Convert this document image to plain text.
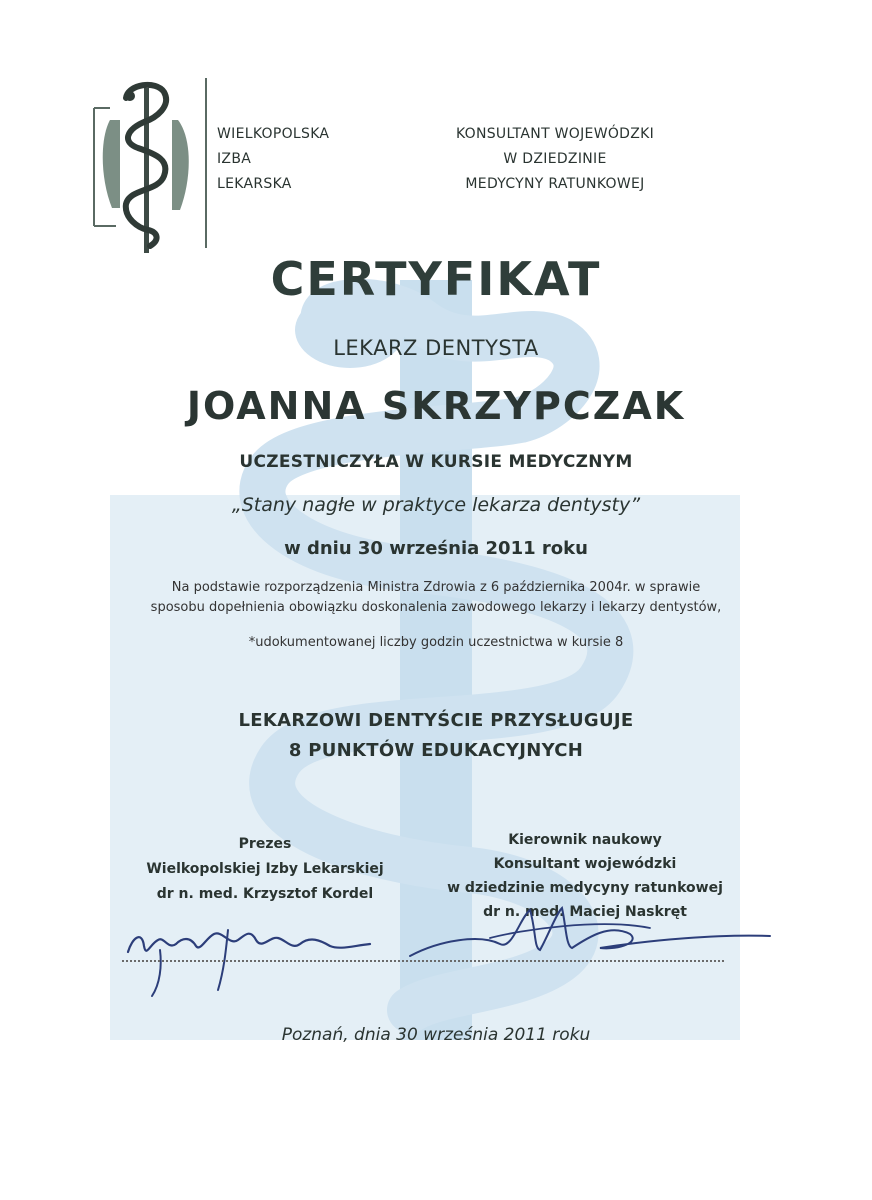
WIELKOPOLSKA
IZBA
LEKARSKA
KONSULTANT WOJEWÓDZKI
W DZIEDZINIE
MEDYCYNY RATUNKOWEJ
CERTYFIKAT
LEKARZ DENTYSTA
JOANNA SKRZYPCZAK
UCZESTNICZYŁA W KURSIE MEDYCZNYM
„Stany nagłe w praktyce lekarza dentysty”
w dniu 30 września 2011 roku
Na podstawie rozporządzenia Ministra Zdrowia z 6 października 2004r. w sprawie
sposobu dopełnienia obowiązku doskonalenia zawodowego lekarzy i lekarzy dentystów,
*udokumentowanej liczby godzin uczestnictwa w kursie 8
LEKARZOWI DENTYŚCIE PRZYSŁUGUJE
8 PUNKTÓW EDUKACYJNYCH
Prezes
Wielkopolskiej Izby Lekarskiej
dr n. med. Krzysztof Kordel
Kierownik naukowy
Konsultant wojewódzki
w dziedzinie medycyny ratunkowej
dr n. med. Maciej Naskręt
Poznań, dnia 30 września 2011 roku
